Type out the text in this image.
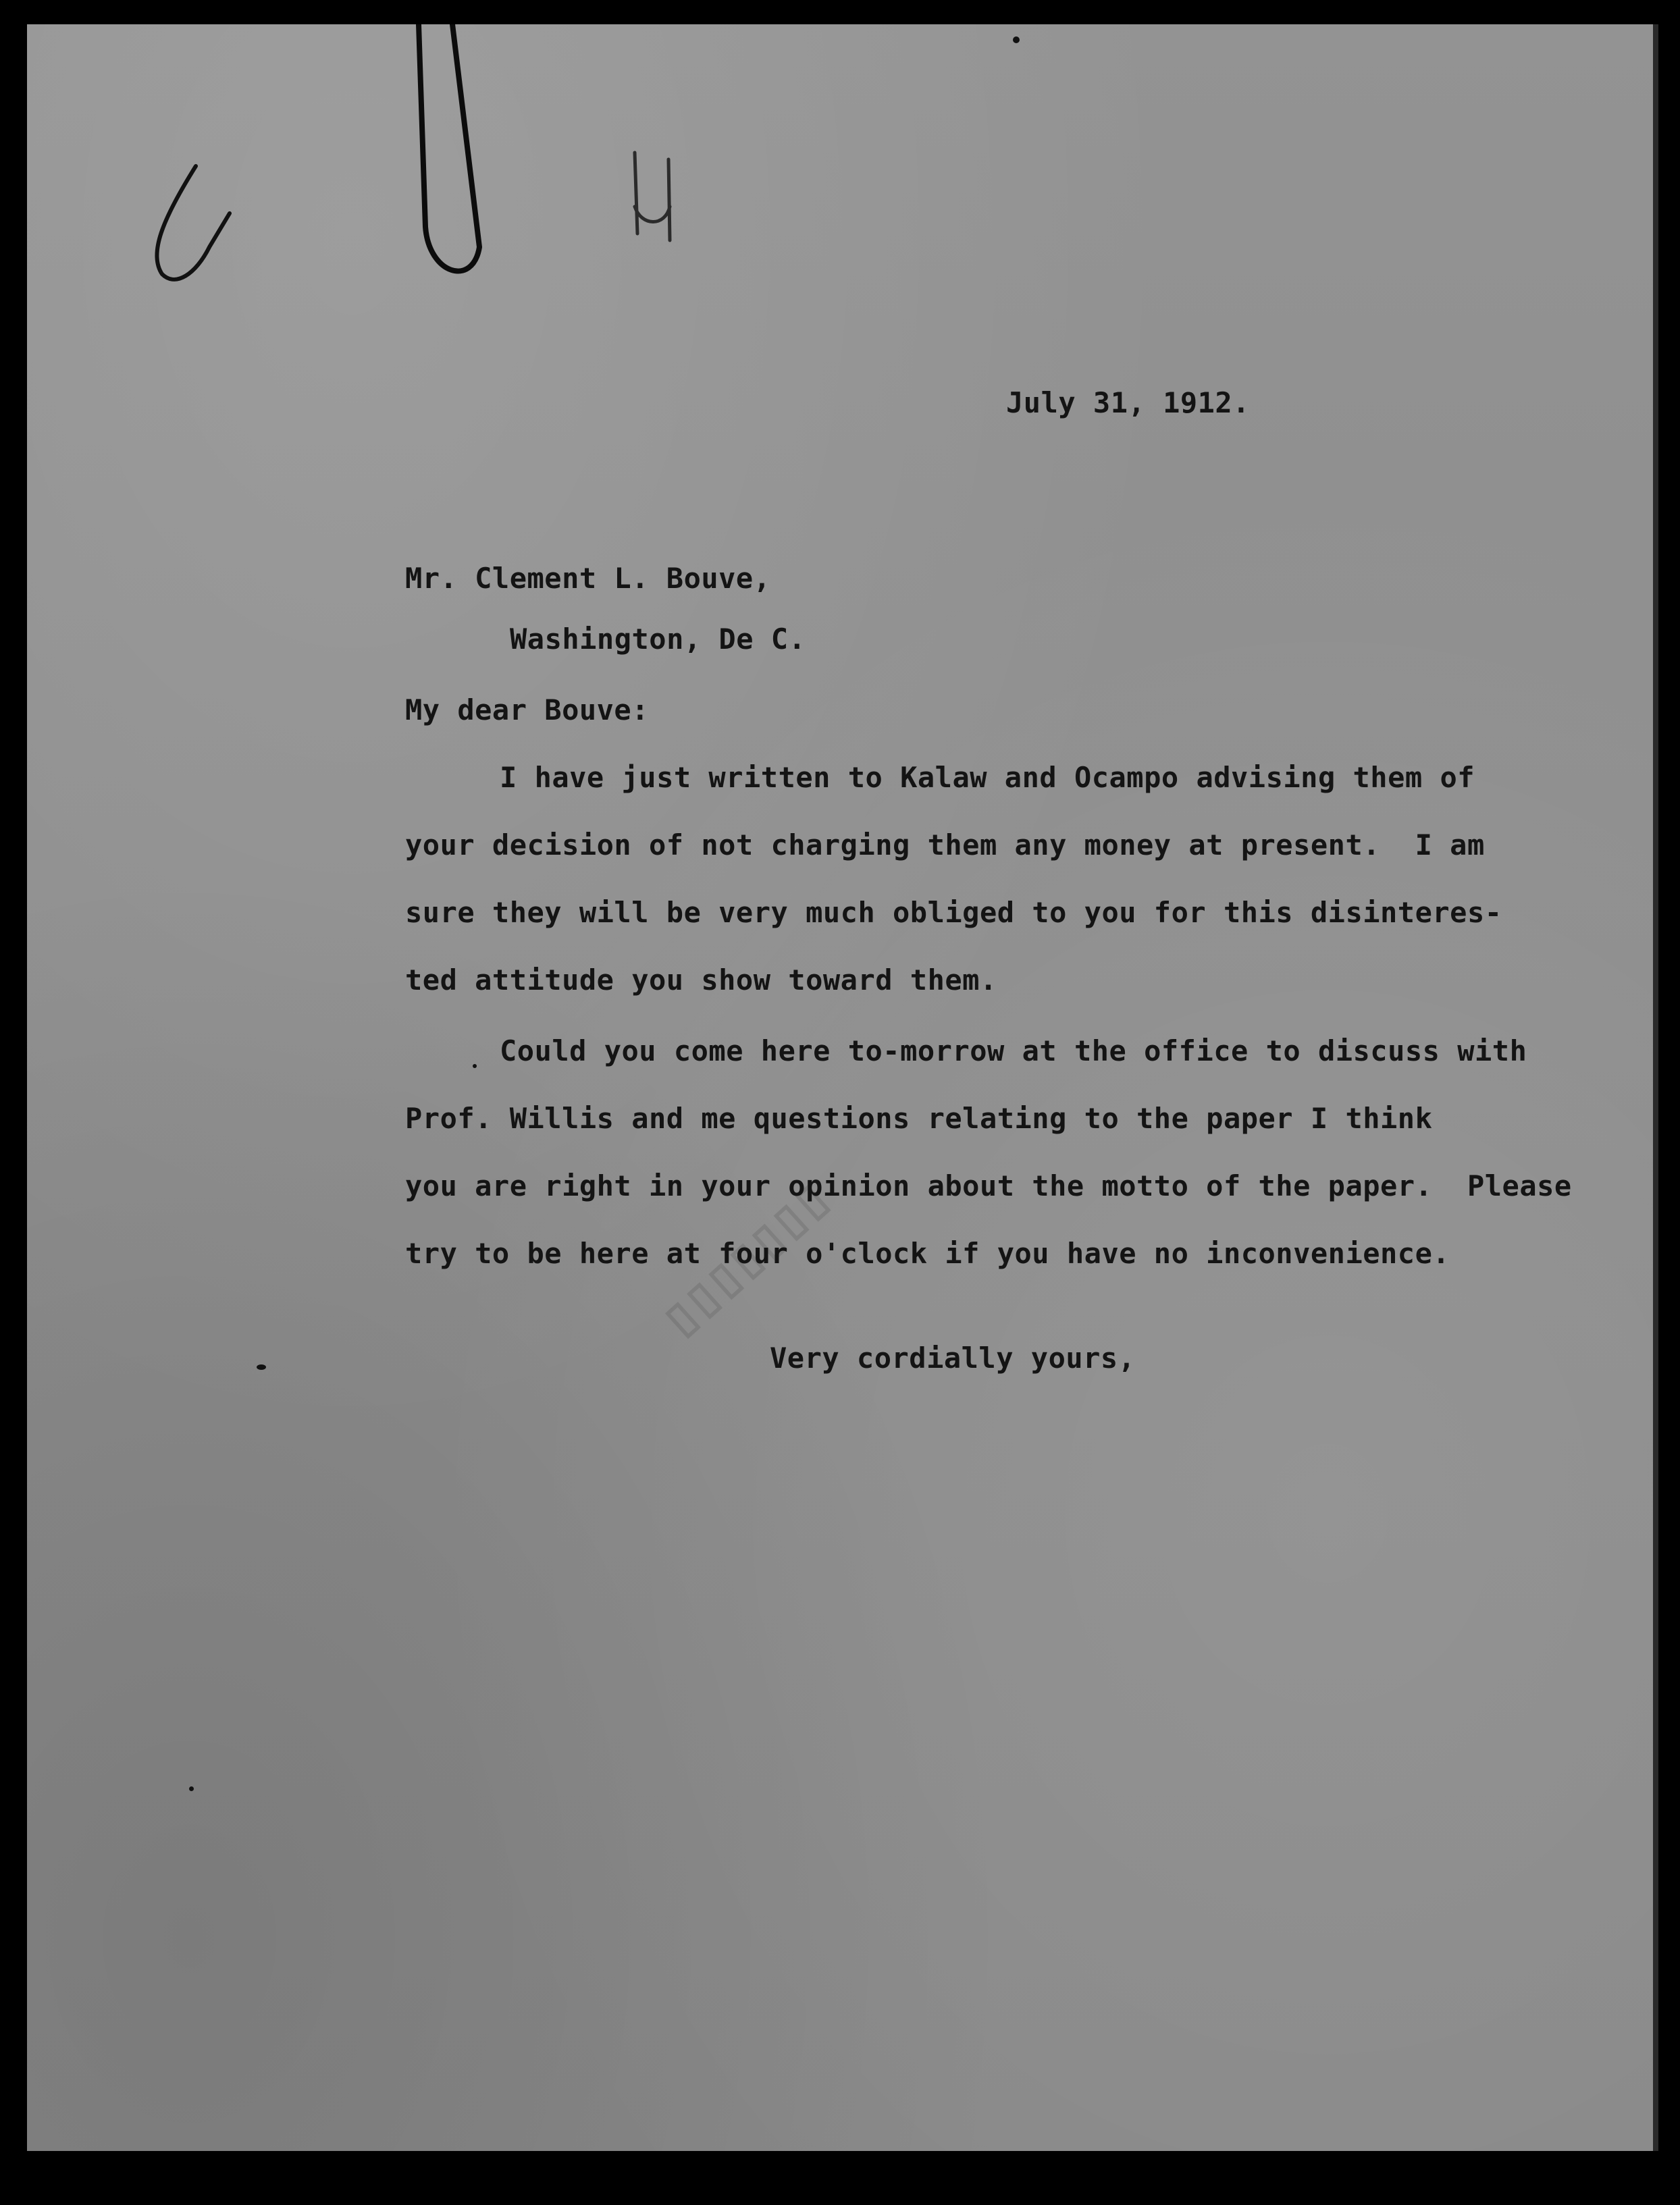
▯▯▯▯▯▯▯
July 31, 1912.
Mr. Clement L. Bouve,
Washington, De C.
My dear Bouve:
I have just written to Kalaw and Ocampo advising them of
your decision of not charging them any money at present.  I am
sure they will be very much obliged to you for this disinteres-
ted attitude you show toward them.
Could you come here to-morrow at the office to discuss with
Prof. Willis and me questions relating to the paper I think
you are right in your opinion about the motto of the paper.  Please
try to be here at four o'clock if you have no inconvenience.
Very cordially yours,
